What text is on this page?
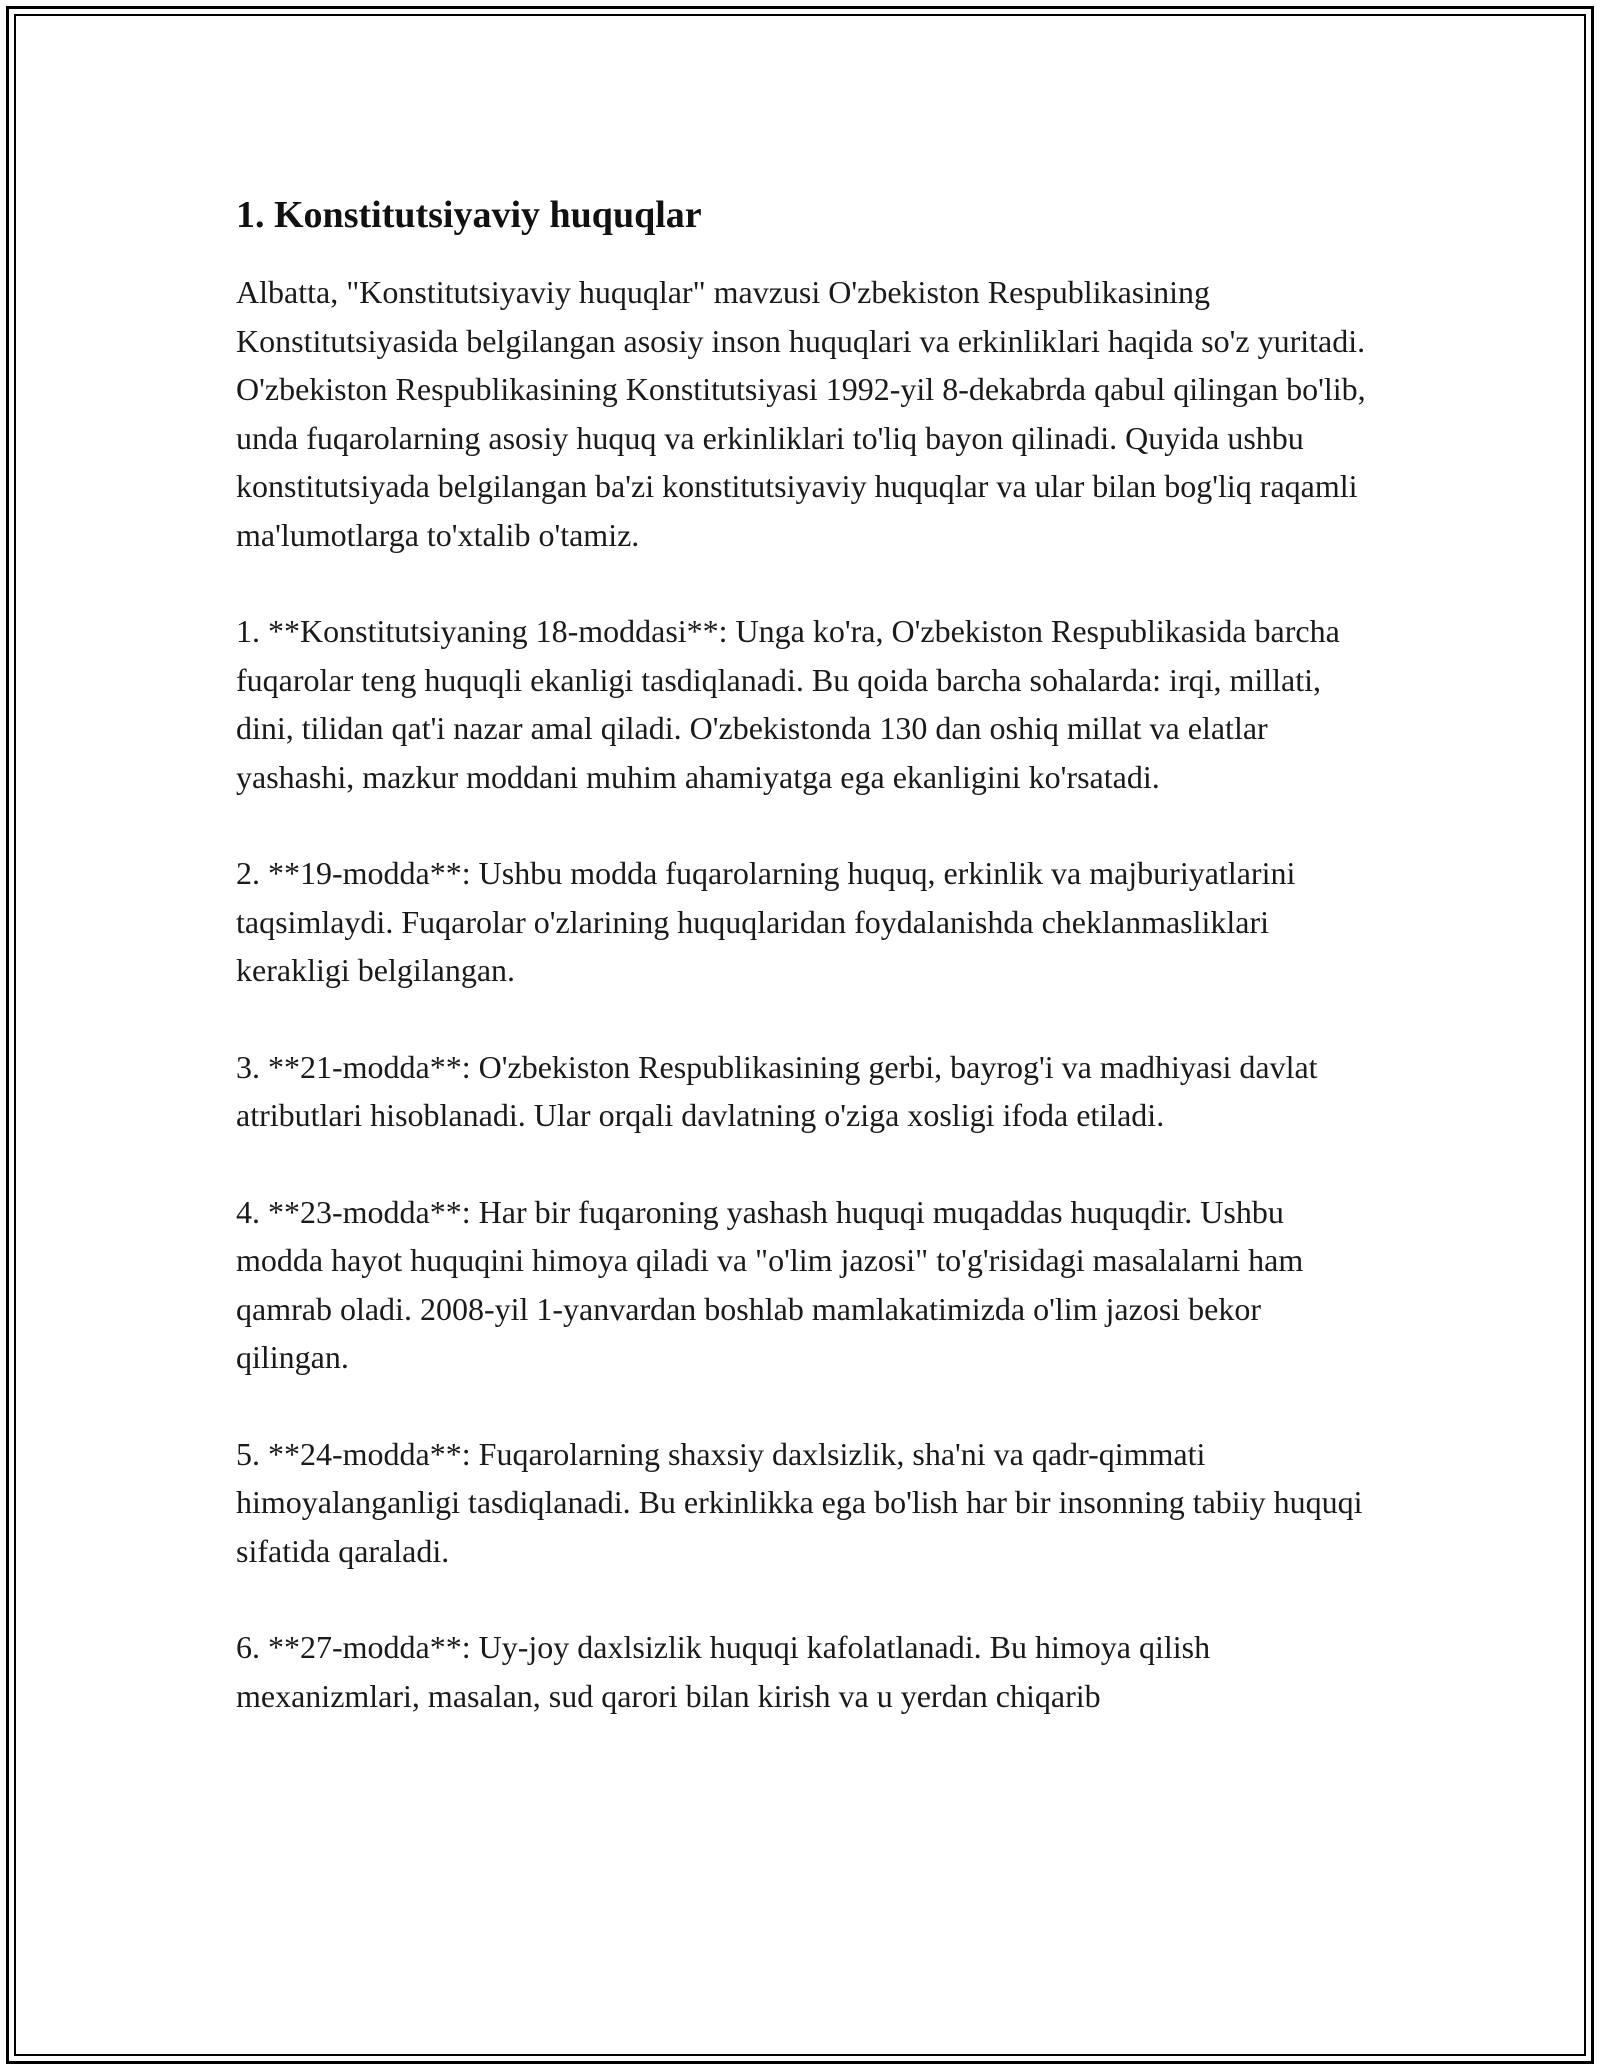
1. Konstitutsiyaviy huquqlar

Albatta, "Konstitutsiyaviy huquqlar" mavzusi O'zbekiston Respublikasining Konstitutsiyasida belgilangan asosiy inson huquqlari va erkinliklari haqida so'z yuritadi. O'zbekiston Respublikasining Konstitutsiyasi 1992-yil 8-dekabrda qabul qilingan bo'lib, unda fuqarolarning asosiy huquq va erkinliklari to'liq bayon qilinadi. Quyida ushbu konstitutsiyada belgilangan ba'zi konstitutsiyaviy huquqlar va ular bilan bog'liq raqamli ma'lumotlarga to'xtalib o'tamiz.

1. **Konstitutsiyaning 18-moddasi**: Unga ko'ra, O'zbekiston Respublikasida barcha fuqarolar teng huquqli ekanligi tasdiqlanadi. Bu qoida barcha sohalarda: irqi, millati, dini, tilidan qat'i nazar amal qiladi. O'zbekistonda 130 dan oshiq millat va elatlar yashashi, mazkur moddani muhim ahamiyatga ega ekanligini ko'rsatadi.

2. **19-modda**: Ushbu modda fuqarolarning huquq, erkinlik va majburiyatlarini taqsimlaydi. Fuqarolar o'zlarining huquqlaridan foydalanishda cheklanmasliklari kerakligi belgilangan.

3. **21-modda**: O'zbekiston Respublikasining gerbi, bayrog'i va madhiyasi davlat atributlari hisoblanadi. Ular orqali davlatning o'ziga xosligi ifoda etiladi.

4. **23-modda**: Har bir fuqaroning yashash huquqi muqaddas huquqdir. Ushbu modda hayot huquqini himoya qiladi va "o'lim jazosi" to'g'risidagi masalalarni ham qamrab oladi. 2008-yil 1-yanvardan boshlab mamlakatimizda o'lim jazosi bekor qilingan.

5. **24-modda**: Fuqarolarning shaxsiy daxlsizlik, sha'ni va qadr-qimmati himoyalanganligi tasdiqlanadi. Bu erkinlikka ega bo'lish har bir insonning tabiiy huquqi sifatida qaraladi.

6. **27-modda**: Uy-joy daxlsizlik huquqi kafolatlanadi. Bu himoya qilish mexanizmlari, masalan, sud qarori bilan kirish va u yerdan chiqarib
